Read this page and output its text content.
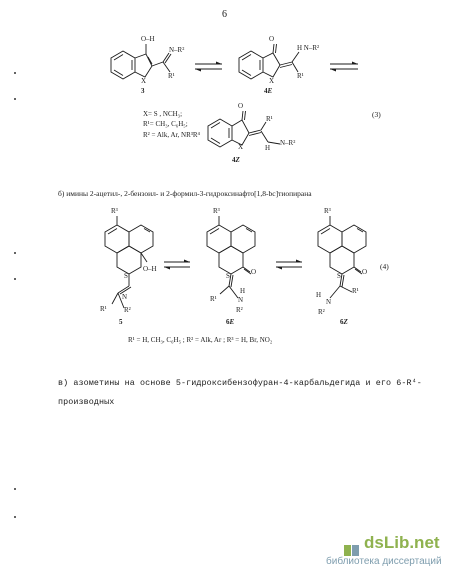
6
O–H
N–R²
R¹
X
3
O
H N–R²
R¹
X
4E
O
R¹
X	H
N–R²
4Z
X= S , NCH₃;
R¹= CH₃, C₆H₅;
R² = Alk, Ar, NR³R⁴
(3)
б) имины 2-ацетил-, 2-бензоил- и 2-формил-3-гидроксинафто[1,8-bc]тиопирана
R³
S
O–H
R¹
N
R²
5
R³
S	O
R¹
H
N
R²
6E
R³
S	O
H
N
R¹
R²
6Z
(4)
R¹ = H, CH₃, C₆H₅ ; R² = Alk, Ar ; R³ = H, Br, NO₂
в) азометины на основе 5-гидроксибензофуран-4-карбальдегида и его 6-R⁴-
производных
dsLib.net
библиотека диссертаций
